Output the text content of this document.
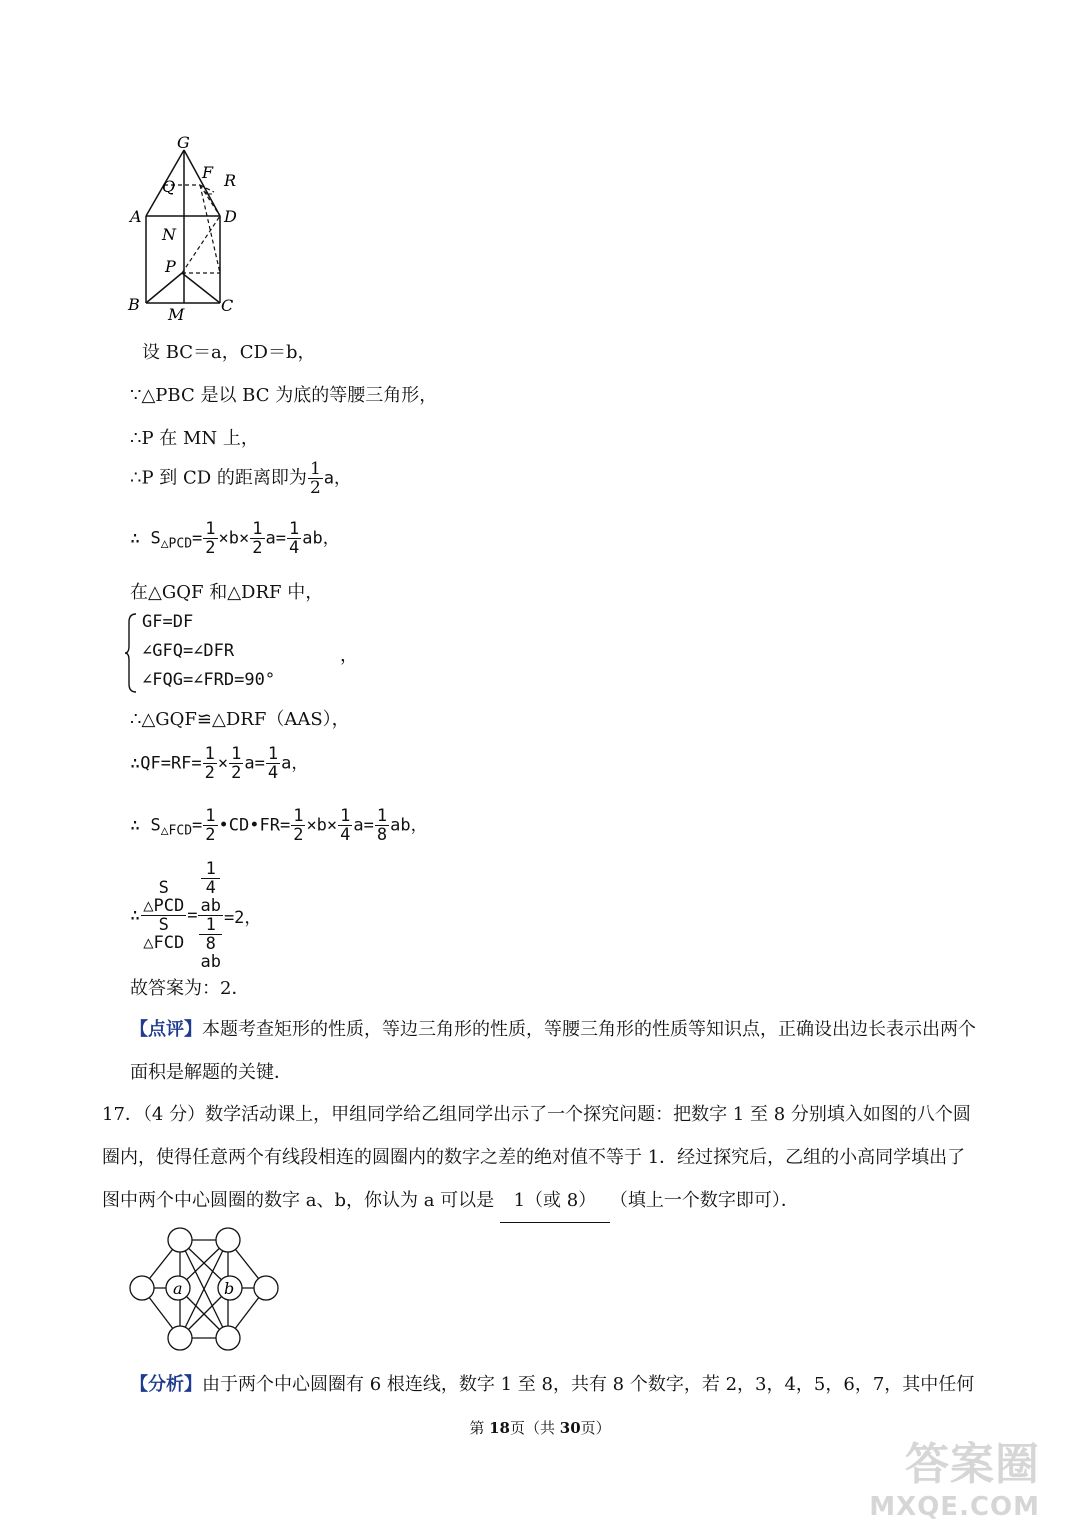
G
F R
Q
A	D
N
P
B	C
M
设 BC＝a，CD＝b，
∵△PBC 是以 BC 为底的等腰三角形，
∴P 在 MN 上，
∴P 到 CD 的距离即为 $\frac{1}{2}$ a，
∴ $S_{\triangle PCD}= \frac{1}{2} \times b\times \frac{1}{2} a= \frac{1}{4}$ ab，
在△GQF 和△DRF 中，
GF=DF
∠GFQ=∠DFR
∠FQG=∠FRD=90°
，
∴△GQF≌△DRF（AAS），
∴QF=RF= $\frac{1}{2} \times \frac{1}{2} a= \frac{1}{4}$ a，
∴ $S_{\triangle FCD}= \frac{1}{2}$ •CD•FR= $\frac{1}{2} \times b\times \frac{1}{4} a= \frac{1}{8}$ ab，
∴ S
△PCD
S
△FCD = 1
4
ab
1
8
ab =2，
故答案为：2．
【点评】本题考查矩形的性质，等边三角形的性质，等腰三角形的性质等知识点，正确设出边长表示出两个面积是解题的关键．
17．（4 分）数学活动课上，甲组同学给乙组同学出示了一个探究问题：把数字 1 至 8 分别填入如图的八个圆圈内，使得任意两个有线段相连的圆圈内的数字之差的绝对值不等于 1．经过探究后，乙组的小高同学填出了图中两个中心圆圈的数字 a、b，你认为 a 可以是 1（或 8） （填上一个数字即可）．
a	b
【分析】由于两个中心圆圈有 6 根连线，数字 1 至 8，共有 8 个数字，若 2，3，4，5，6，7，其中任何
第 18页（共 30页）
答案圈
MXQE.COM
